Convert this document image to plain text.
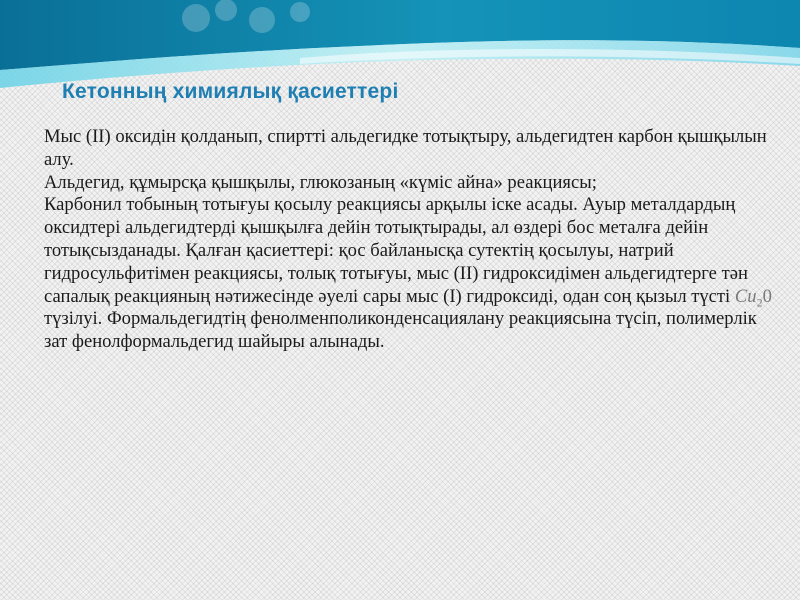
Кетонның химиялық қасиеттері

Мыс (II) оксидін қолданып, спиртті альдегидке тотықтыру, альдегидтен карбон қышқылын алу.

Альдегид, құмырсқа қышқылы, глюкозаның «күміс айна» реакциясы;

Карбонил тобының тотығуы қосылу реакциясы арқылы іске асады. Ауыр металдардың оксидтері альдегидтерді қышқылға дейін тотықтырады, ал өздері бос металға дейін тотықсызданады. Қалған қасиеттері: қос байланысқа сутектің қосылуы, натрий гидросульфитімен реакциясы, толық тотығуы, мыс (II) гидроксидімен альдегидтерге тән сапалық реакцияның нәтижесінде әуелі сары мыс (I) гидроксиді, одан соң қызыл түсті $Cu_20$ түзілуі. Формальдегидтің фенолменполиконденсациялану реакциясына түсіп, полимерлік зат фенолформальдегид шайыры алынады.
